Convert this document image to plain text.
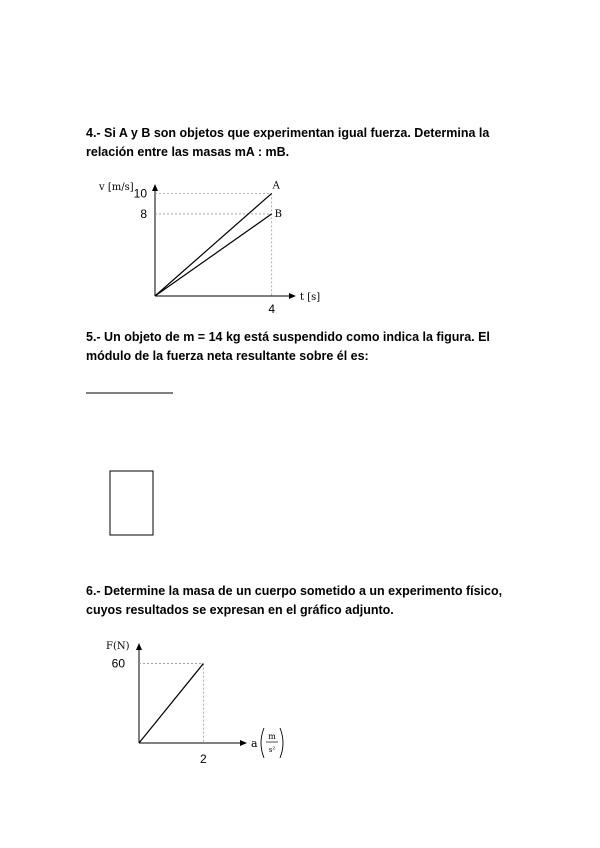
4.- Si A y B son objetos que experimentan igual fuerza. Determina la

relación entre las masas mA : mB.

5.- Un objeto de m = 14 kg está suspendido como indica la figura. El

módulo de la fuerza neta resultante sobre él es:

6.- Determine la masa de un cuerpo sometido a un experimento físico,

cuyos resultados se expresan en el gráfico adjunto.

v [m/s]
t [s]
10
8
4
A
B
F(N)
a
m
s²
60
2
